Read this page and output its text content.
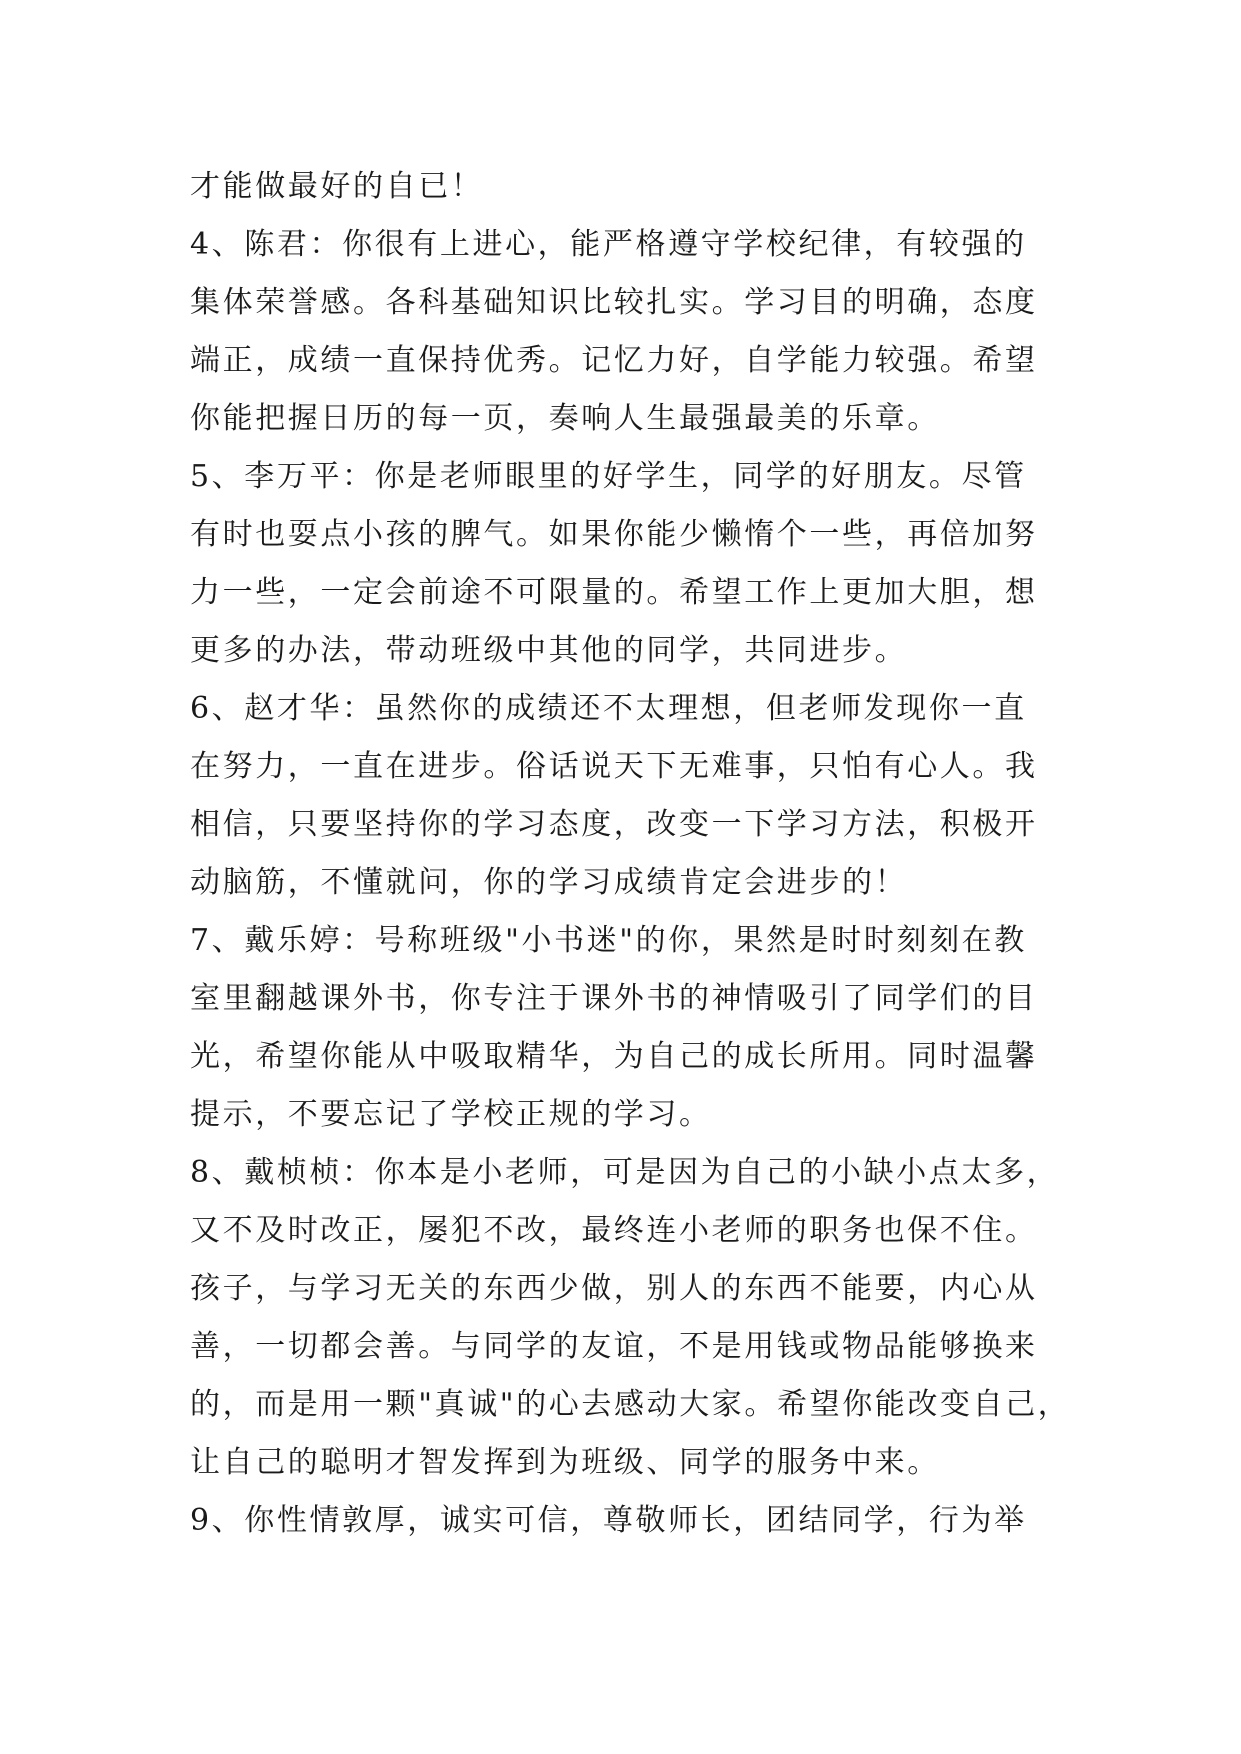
才能做最好的自已！

4、陈君：你很有上进心，能严格遵守学校纪律，有较强的

集体荣誉感。各科基础知识比较扎实。学习目的明确，态度

端正，成绩一直保持优秀。记忆力好，自学能力较强。希望

你能把握日历的每一页，奏响人生最强最美的乐章。

5、李万平：你是老师眼里的好学生，同学的好朋友。尽管

有时也耍点小孩的脾气。如果你能少懒惰个一些，再倍加努

力一些，一定会前途不可限量的。希望工作上更加大胆，想

更多的办法，带动班级中其他的同学，共同进步。

6、赵才华：虽然你的成绩还不太理想，但老师发现你一直

在努力，一直在进步。俗话说天下无难事，只怕有心人。我

相信，只要坚持你的学习态度，改变一下学习方法，积极开

动脑筋，不懂就问，你的学习成绩肯定会进步的！

7、戴乐婷：号称班级"小书迷"的你，果然是时时刻刻在教

室里翻越课外书，你专注于课外书的神情吸引了同学们的目

光，希望你能从中吸取精华，为自己的成长所用。同时温馨

提示，不要忘记了学校正规的学习。

8、戴桢桢：你本是小老师，可是因为自己的小缺小点太多，

又不及时改正，屡犯不改，最终连小老师的职务也保不住。

孩子，与学习无关的东西少做，别人的东西不能要，内心从

善，一切都会善。与同学的友谊，不是用钱或物品能够换来

的，而是用一颗"真诚"的心去感动大家。希望你能改变自己，

让自己的聪明才智发挥到为班级、同学的服务中来。

9、你性情敦厚，诚实可信，尊敬师长，团结同学，行为举
